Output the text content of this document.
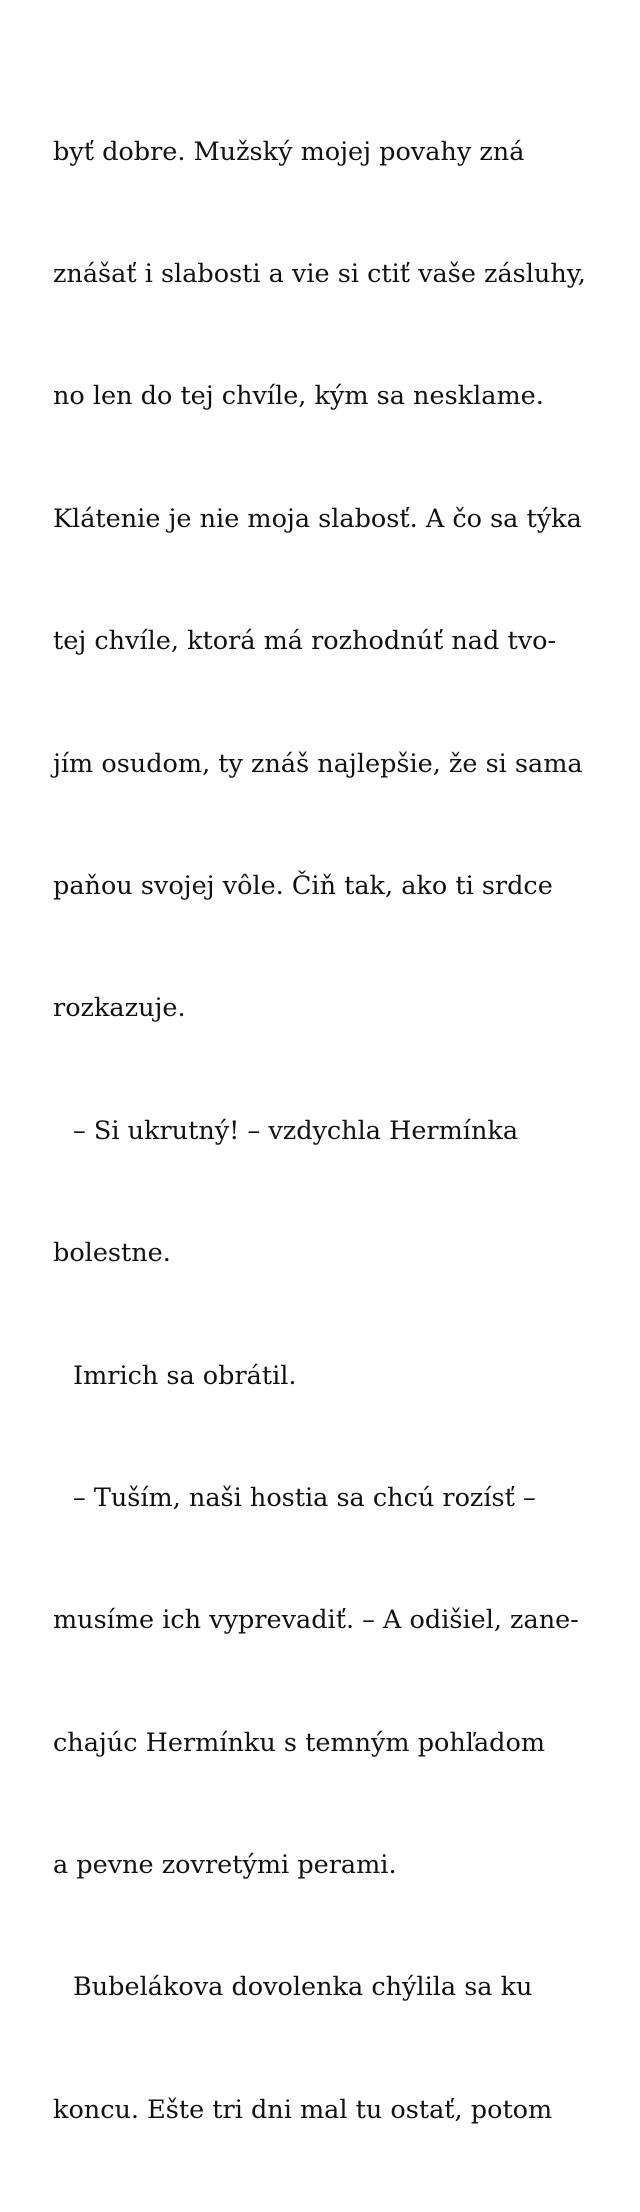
byť dobre. Mužský mojej povahy zná

znášať i slabosti a vie si ctiť vaše zásluhy,

no len do tej chvíle, kým sa nesklame.

Klátenie je nie moja slabosť. A čo sa týka

tej chvíle, ktorá má rozhodnúť nad tvo-

jím osudom, ty znáš najlepšie, že si sama

paňou svojej vôle. Čiň tak, ako ti srdce

rozkazuje.

– Si ukrutný! – vzdychla Hermínka

bolestne.

Imrich sa obrátil.

– Tuším, naši hostia sa chcú rozísť –

musíme ich vyprevadiť. – A odišiel, zane-

chajúc Hermínku s temným pohľadom

a pevne zovretými perami.

Bubelákova dovolenka chýlila sa ku

koncu. Ešte tri dni mal tu ostať, potom
